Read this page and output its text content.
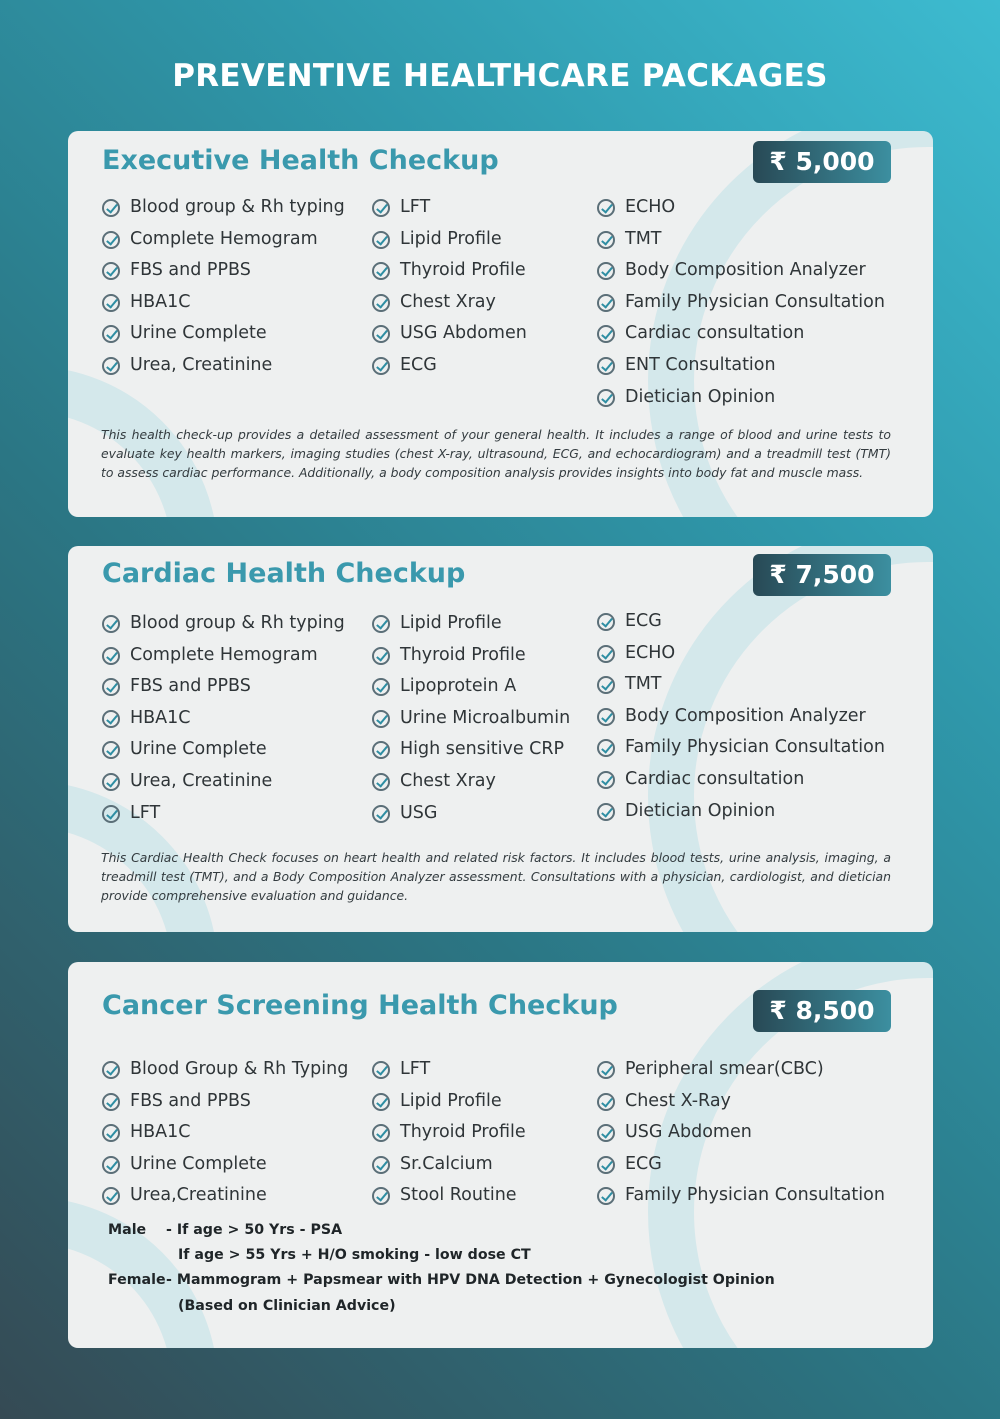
PREVENTIVE HEALTHCARE PACKAGES
Executive Health Checkup	₹ 5,000
Blood group & Rh typing
Complete Hemogram
FBS and PPBS
HBA1C
Urine Complete
Urea, Creatinine
LFT
Lipid Profile
Thyroid Profile
Chest Xray
USG Abdomen
ECG
ECHO
TMT
Body Composition Analyzer
Family Physician Consultation
Cardiac consultation
ENT Consultation
Dietician Opinion

This health check-up provides a detailed assessment of your general health. It includes a range of blood and urine tests to evaluate key health markers, imaging studies (chest X-ray, ultrasound, ECG, and echocardiogram) and a treadmill test (TMT) to assess cardiac performance. Additionally, a body composition analysis provides insights into body fat and muscle mass.

Cardiac Health Checkup	₹ 7,500
Blood group & Rh typing
Complete Hemogram
FBS and PPBS
HBA1C
Urine Complete
Urea, Creatinine
LFT
Lipid Profile
Thyroid Profile
Lipoprotein A
Urine Microalbumin
High sensitive CRP
Chest Xray
USG
ECG
ECHO
TMT
Body Composition Analyzer
Family Physician Consultation
Cardiac consultation
Dietician Opinion

This Cardiac Health Check focuses on heart health and related risk factors. It includes blood tests, urine analysis, imaging, a treadmill test (TMT), and a Body Composition Analyzer assessment. Consultations with a physician, cardiologist, and dietician provide comprehensive evaluation and guidance.

Cancer Screening Health Checkup	₹ 8,500
Blood Group & Rh Typing
FBS and PPBS
HBA1C
Urine Complete
Urea,Creatinine
LFT
Lipid Profile
Thyroid Profile
Sr.Calcium
Stool Routine
Peripheral smear(CBC)
Chest X-Ray
USG Abdomen
ECG
Family Physician Consultation
Male - If age > 50 Yrs - PSA
If age > 55 Yrs + H/O smoking - low dose CT
Female - Mammogram + Papsmear with HPV DNA Detection + Gynecologist Opinion
(Based on Clinician Advice)
